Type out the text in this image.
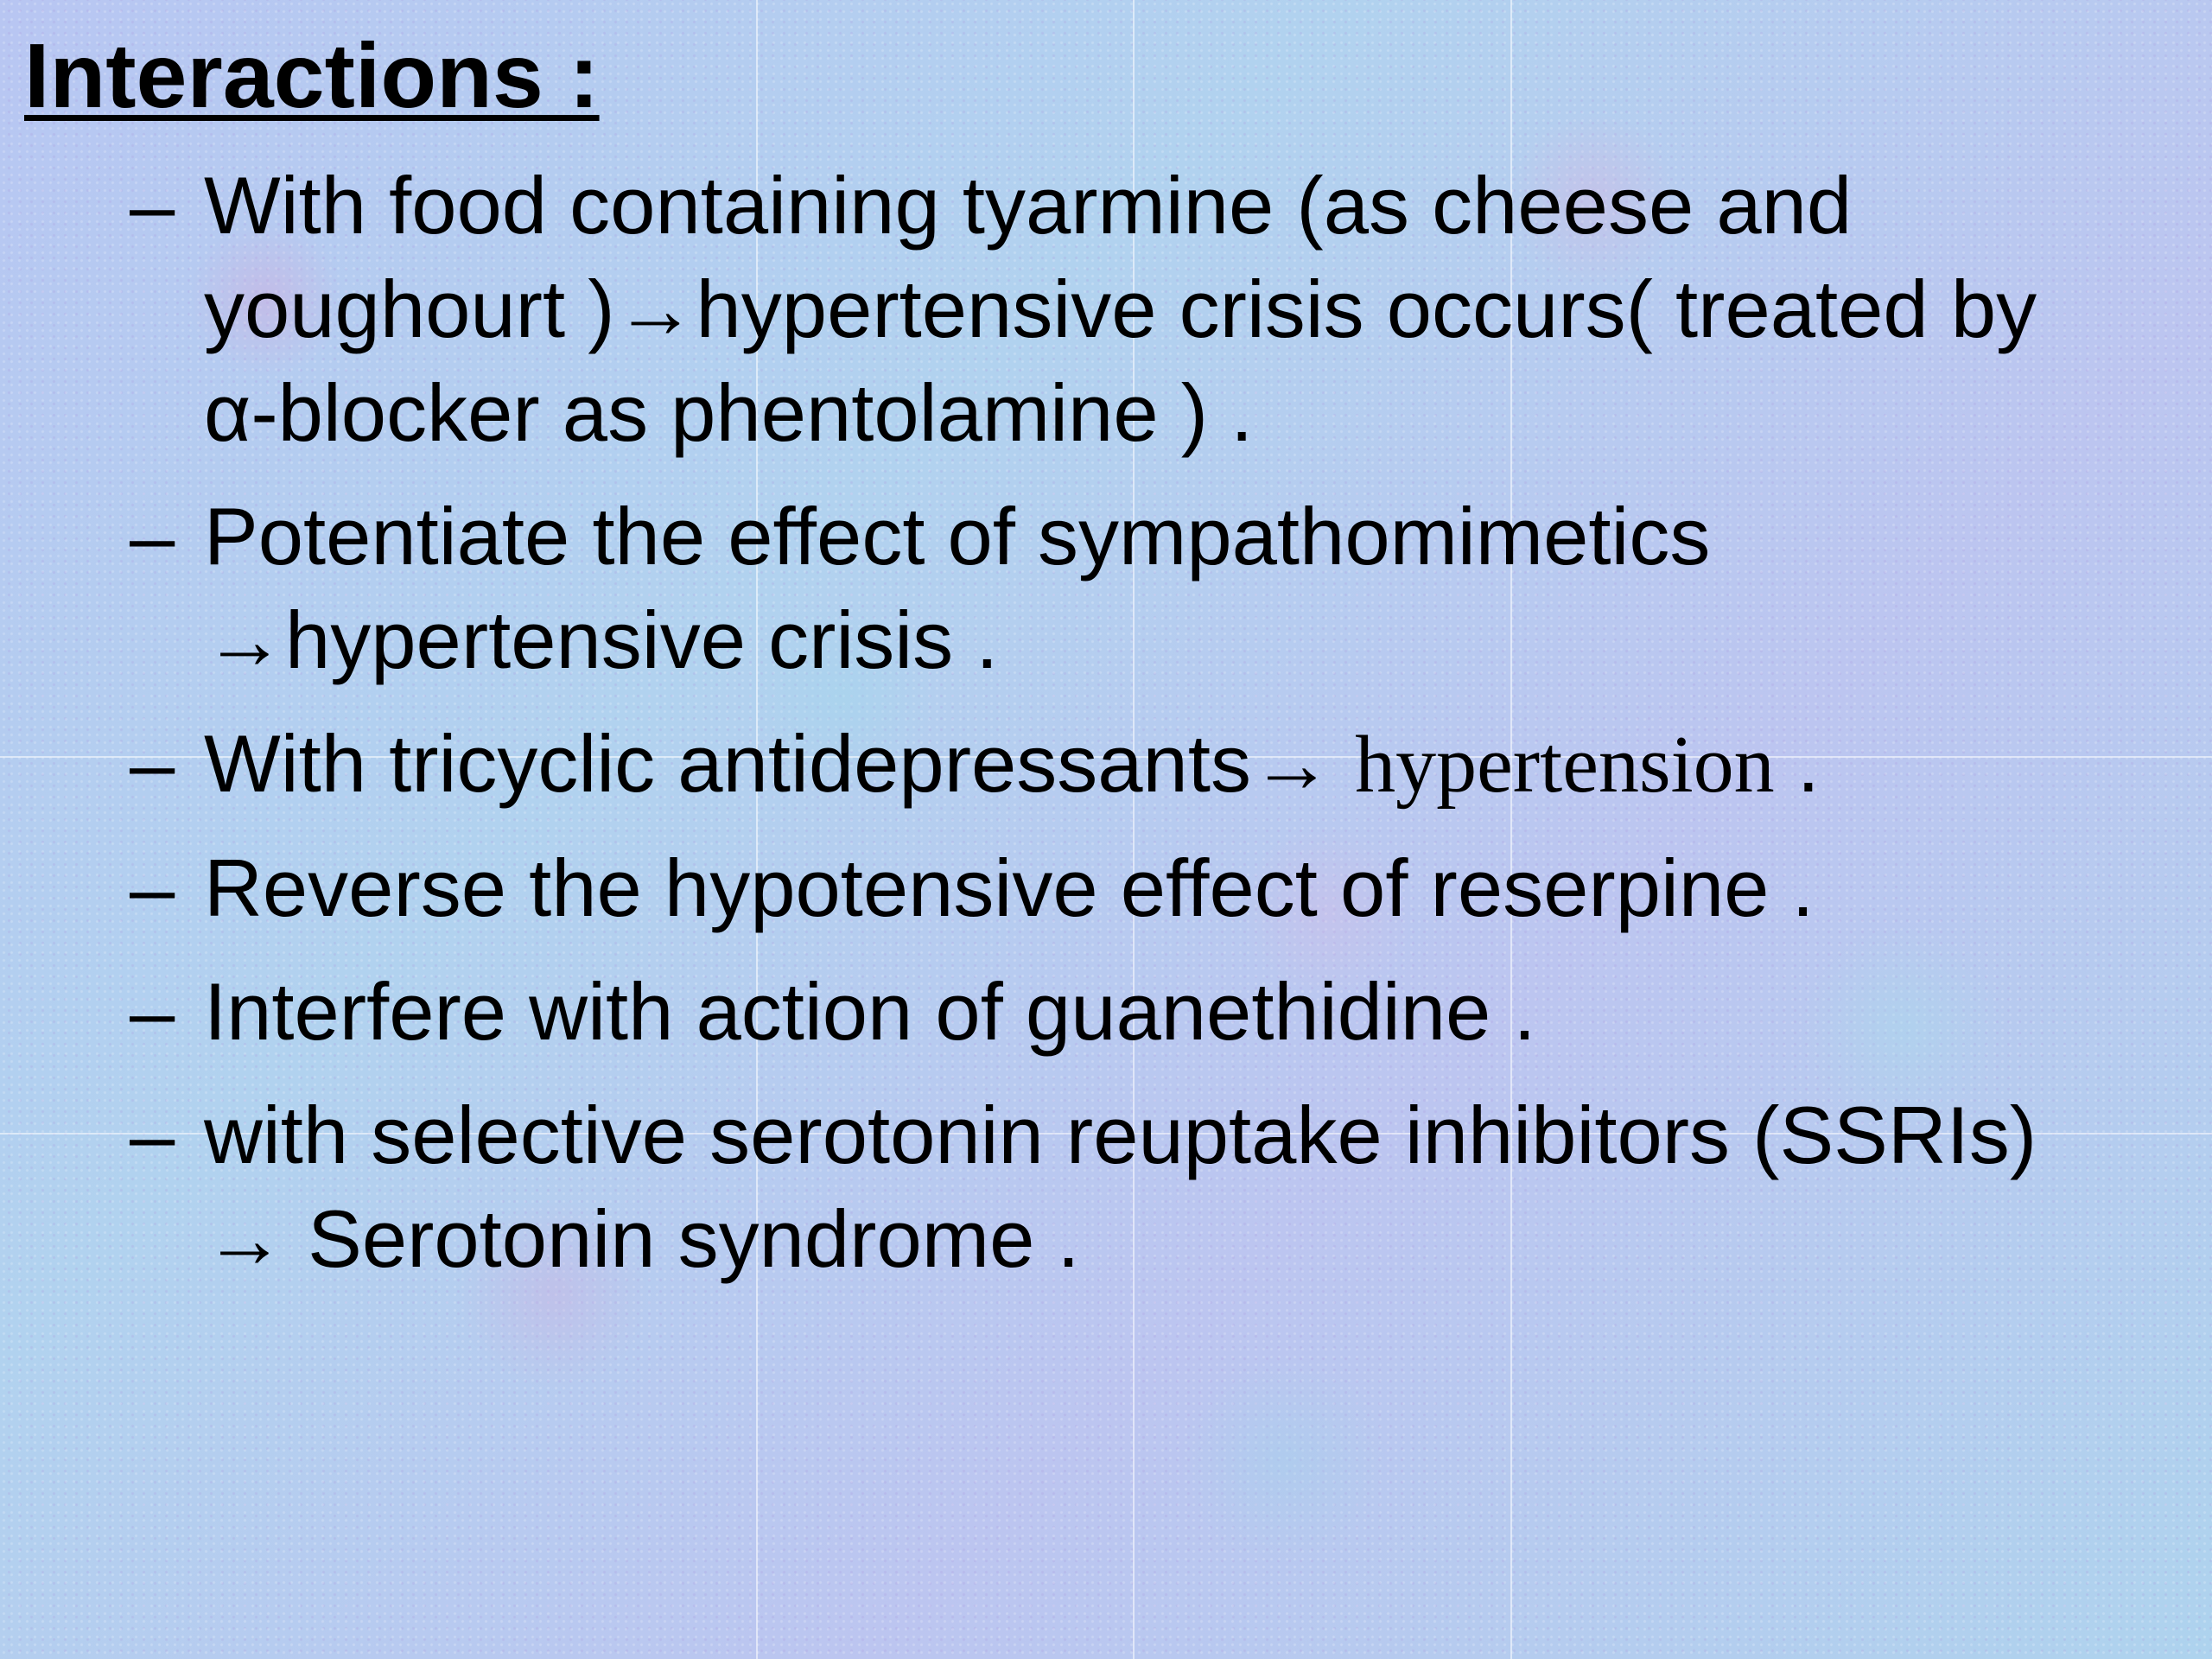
Interactions :
– With food containing tyarmine (as cheese and
youghourt )→hypertensive crisis occurs( treated by
α-blocker as phentolamine ) .
– Potentiate the effect of sympathomimetics
→hypertensive crisis .
– With tricyclic antidepressants→ hypertension .
– Reverse the hypotensive effect of reserpine .
– Interfere with action of guanethidine .
– with selective serotonin reuptake inhibitors (SSRIs)
→ Serotonin syndrome .
